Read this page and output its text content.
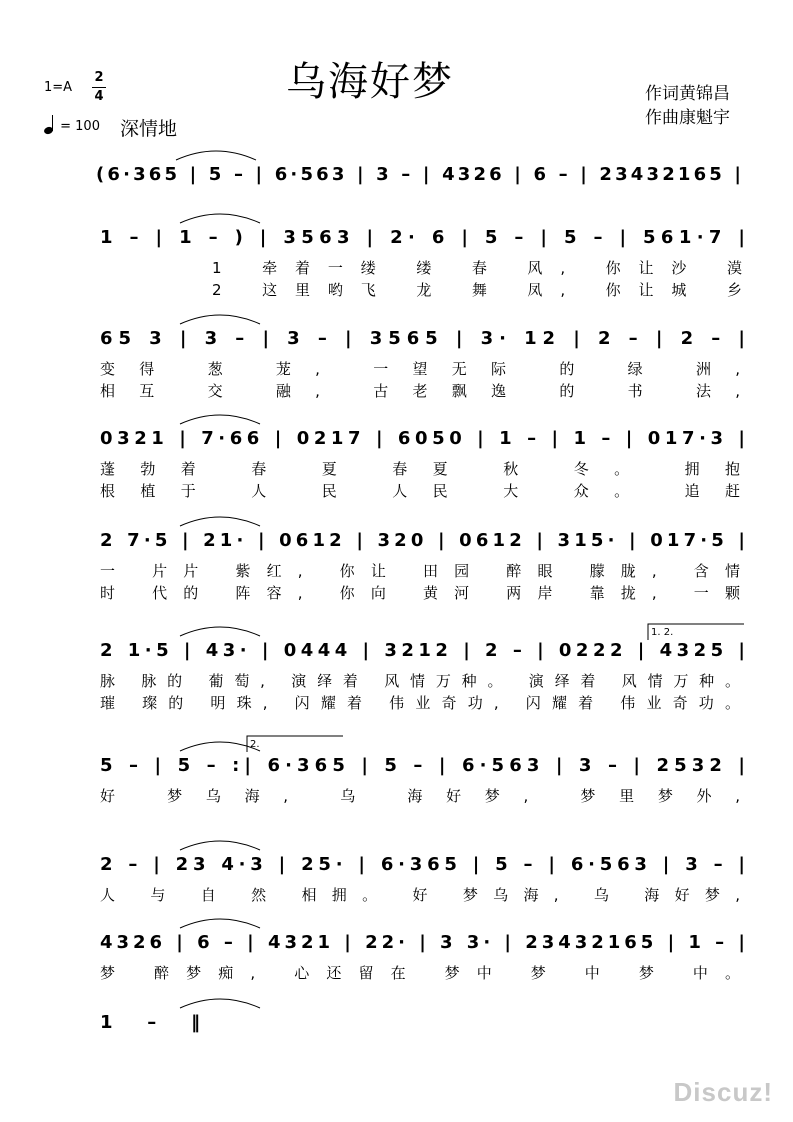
乌海好梦
1=A
2
4
= 100 深情地
作词黄锦昌
作曲康魁宇
(6·365 | 5 – | 6·563 | 3 – | 4326 | 6 – | 23432165 |
1 – | 1 – ) | 3563 | 2· 6 | 5 – | 5 – | 561·7 |
1 牵着一缕 缕 春 风, 你让沙 漠
2 这里哟飞 龙 舞 凤, 你让城 乡
65 3 | 3 – | 3 – | 3565 | 3· 12 | 2 – | 2 – |
变得 葱 茏, 一望无际 的 绿 洲,
相互 交 融, 古老飘逸 的 书 法,
0321 | 7·66 | 0217 | 6050 | 1 – | 1 – | 017·3 |
蓬勃着 春 夏 春夏 秋 冬。 拥抱
根植于 人 民 人民 大 众。 追赶
2 7·5 | 21· | 0612 | 320 | 0612 | 315· | 017·5 |
一 片片 紫红, 你让 田园 醉眼 朦胧, 含情
时 代的 阵容, 你向 黄河 两岸 靠拢, 一颗
2 1·5 | 43· | 0444 | 3212 | 2 – | 0222 | 4325 |
1. 2.
脉 脉的 葡萄, 演绎着 风情万种。 演绎着 风情万种。
璀 璨的 明珠, 闪耀着 伟业奇功, 闪耀着 伟业奇功。
5 – | 5 – :| 6·365 | 5 – | 6·563 | 3 – | 2532 |
2.
好 梦乌海, 乌 海好梦, 梦里梦外,
2 – | 23 4·3 | 25· | 6·365 | 5 – | 6·563 | 3 – |
人 与 自 然 相拥。 好 梦乌海, 乌 海好梦,
4326 | 6 – | 4321 | 22· | 3 3· | 23432165 | 1 – |
梦 醉梦痴, 心还留在 梦中 梦 中 梦 中。
1 – ‖
Discuz!
